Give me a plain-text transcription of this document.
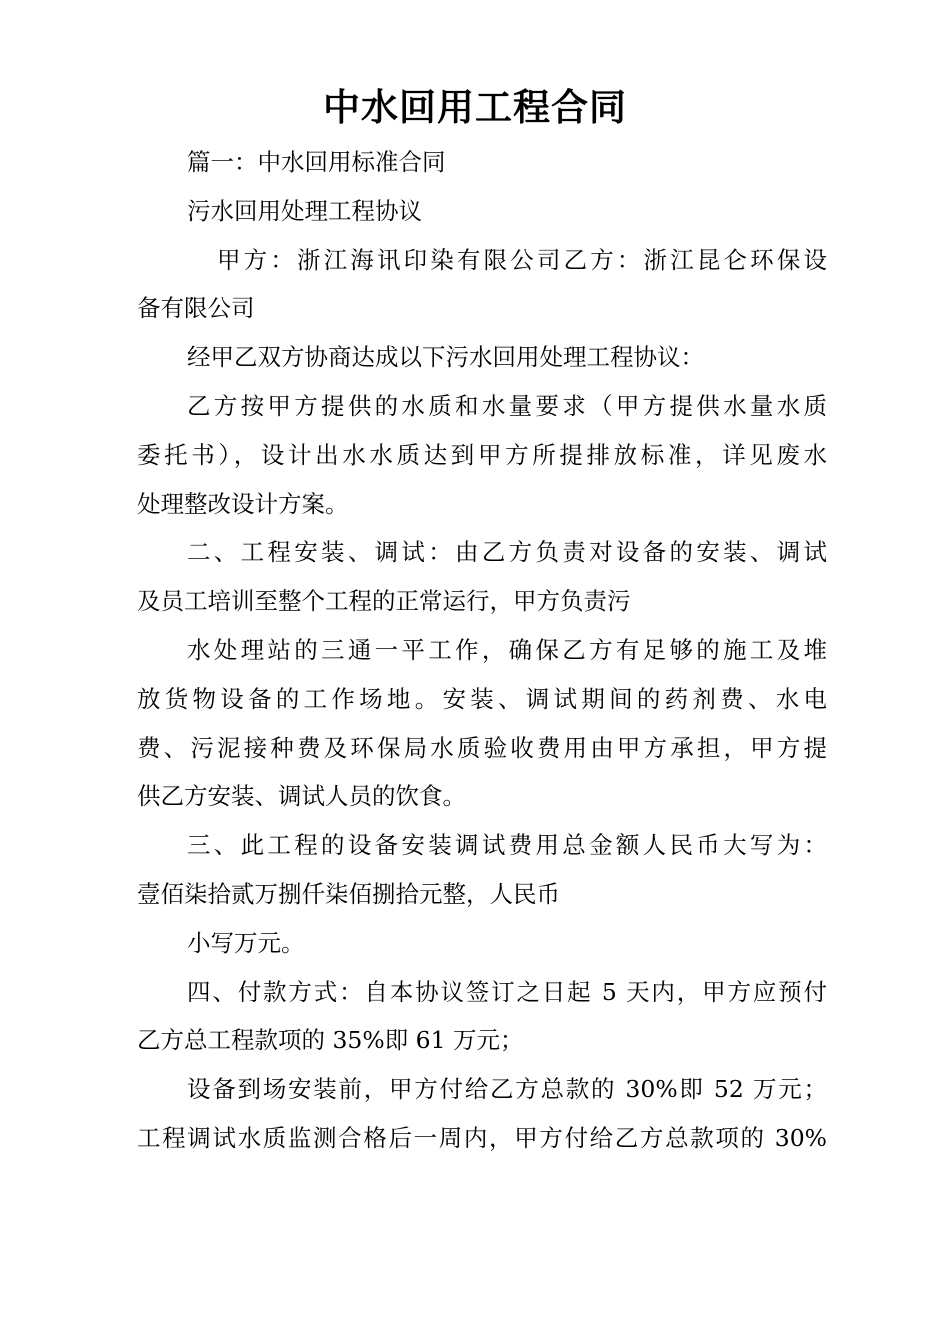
中水回用工程合同
篇一：中水回用标准合同
污水回用处理工程协议
甲方：浙江海讯印染有限公司乙方：浙江昆仑环保设
备有限公司
经甲乙双方协商达成以下污水回用处理工程协议：
乙方按甲方提供的水质和水量要求（甲方提供水量水质
委托书），设计出水水质达到甲方所提排放标准，详见废水
处理整改设计方案。
二、工程安装、调试：由乙方负责对设备的安装、调试
及员工培训至整个工程的正常运行，甲方负责污
水处理站的三通一平工作，确保乙方有足够的施工及堆
放货物设备的工作场地。安装、调试期间的药剂费、水电
费、污泥接种费及环保局水质验收费用由甲方承担，甲方提
供乙方安装、调试人员的饮食。
三、此工程的设备安装调试费用总金额人民币大写为：
壹佰柒拾贰万捌仟柒佰捌拾元整，人民币
小写万元。
四、付款方式：自本协议签订之日起 5 天内，甲方应预付
乙方总工程款项的 35%即 61 万元；
设备到场安装前，甲方付给乙方总款的 30%即 52 万元；
工程调试水质监测合格后一周内，甲方付给乙方总款项的 30%
